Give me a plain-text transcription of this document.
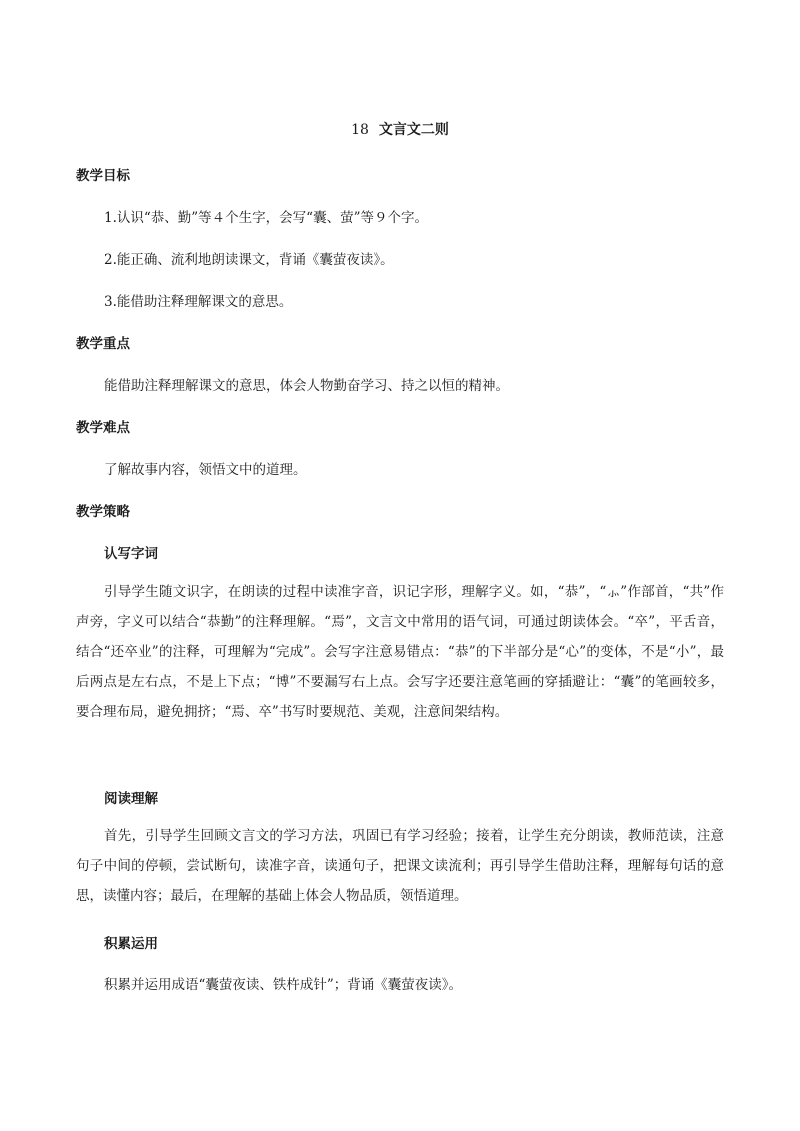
18 文言文二则
教学目标
1.认识“恭、勤”等４个生字，会写“囊、萤”等９个字。
2.能正确、流利地朗读课文，背诵《囊萤夜读》。
3.能借助注释理解课文的意思。
教学重点
能借助注释理解课文的意思，体会人物勤奋学习、持之以恒的精神。
教学难点
了解故事内容，领悟文中的道理。
教学策略
认写字词
引导学生随文识字，在朗读的过程中读准字音，识记字形，理解字义。如，“恭”，“⺗”作部首，“共”作声旁，字义可以结合“恭勤”的注释理解。“焉”，文言文中常用的语气词，可通过朗读体会。“卒”，平舌音，结合“还卒业”的注释，可理解为“完成”。会写字注意易错点：“恭”的下半部分是“心”的变体，不是“小”，最后两点是左右点，不是上下点；“博”不要漏写右上点。会写字还要注意笔画的穿插避让：“囊”的笔画较多，要合理布局，避免拥挤；“焉、卒”书写时要规范、美观，注意间架结构。
阅读理解
首先，引导学生回顾文言文的学习方法，巩固已有学习经验；接着，让学生充分朗读，教师范读，注意句子中间的停顿，尝试断句，读准字音，读通句子，把课文读流利；再引导学生借助注释，理解每句话的意思，读懂内容；最后，在理解的基础上体会人物品质，领悟道理。
积累运用
积累并运用成语“囊萤夜读、铁杵成针”；背诵《囊萤夜读》。
